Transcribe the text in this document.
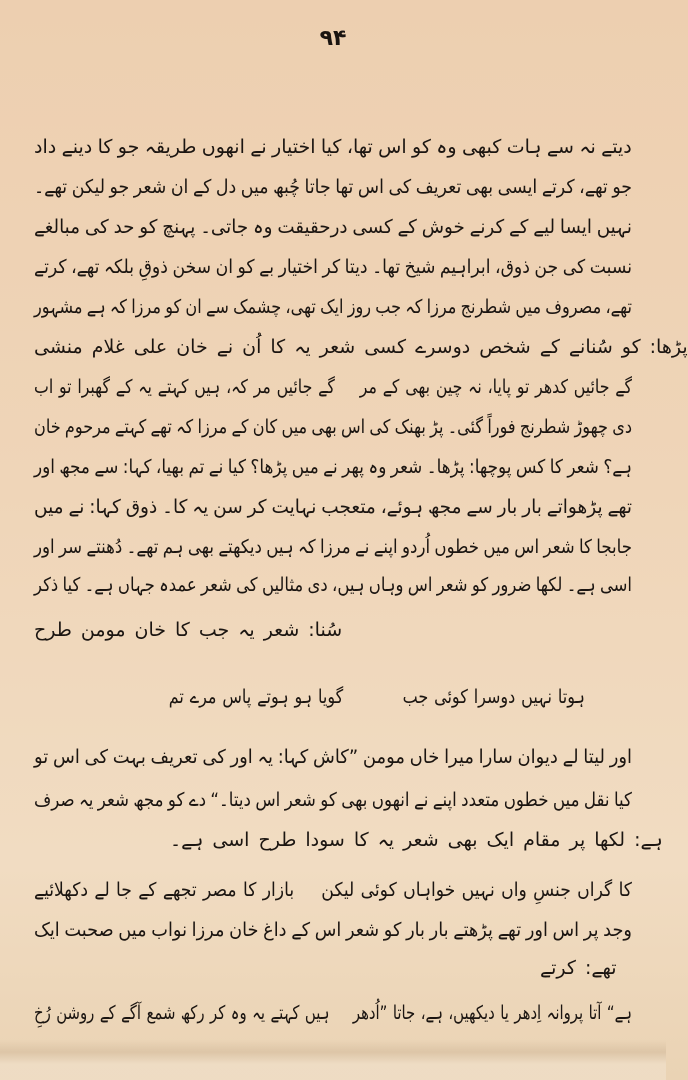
۹۴
داد دینے کا جو طریقہ انھوں نے اختیار کیا تھا، اس کو وہ کبھی ہات سے نہ دیتے
تھے۔ لیکن جو شعر ان کے دل میں چُبھ جاتا تھا اس کی تعریف بھی ایسی کرتے تھے، جو
مبالغے کی حد کو پہنچ جاتی۔ وہ درحقیقت کسی کے خوش کرنے کے لیے ایسا نہیں
کرتے تھے، بلکہ ذوقِ سخن ان کو بے اختیار کر دیتا تھا۔ شیخ ابراہیم ذوق، جن کی نسبت
مشہور ہے کہ مرزا کو ان سے چشمک تھی، ایک روز جب کہ مرزا شطرنج میں مصروف تھے،
منشی غلام علی خان نے اُن کا یہ شعر کسی دوسرے شخص کے سُنانے کو پڑھا:
اب تو گھبرا کے یہ کہتے ہیں کہ، مر جائیں گے مر کے بھی چین نہ پایا، تو کدھر جائیں گے
خان مرحوم کہتے تھے کہ مرزا کے کان میں بھی اس کی بھنک پڑ گئی۔ فوراً شطرنج چھوڑ دی
اور مجھ سے کہا: بھیا، تم نے کیا پڑھا؟ میں نے پھر وہ شعر پڑھا۔ پوچھا: کس کا شعر ہے؟
میں نے کہا: ذوق کا۔ یہ سن کر نہایت متعجب ہوئے، مجھ سے بار بار پڑھواتے تھے
اور سر دُھنتے تھے۔ ہم بھی دیکھتے ہیں کہ مرزا نے اپنے اُردو خطوں میں اس شعر کا جابجا
ذکر کیا ہے۔ جہاں عمدہ شعر کی مثالیں دی ہیں، وہاں اس شعر کو ضرور لکھا ہے۔ اسی
طرح مومن خان کا جب یہ شعر سُنا:
تم مرے پاس ہوتے ہو گویا	جب کوئی دوسرا نہیں ہوتا
تو اس کی بہت تعریف کی اور یہ کہا: ”کاش مومن خاں میرا سارا دیوان لے لیتا اور
صرف یہ شعر مجھ کو دے دیتا۔“ اس شعر کو بھی انھوں نے اپنے متعدد خطوں میں نقل کیا
ہے۔ اسی طرح سودا کا یہ شعر بھی ایک مقام پر لکھا ہے:
دکھلائیے لے جا کے تجھے مصر کا بازار لیکن کوئی خواہاں نہیں واں جنسِ گراں کا
ایک صحبت میں نواب مرزا خان داغ کے اس شعر کو بار بار پڑھتے تھے اور اس پر وجد
کرتے تھے:
رُخِ روشن کے آگے شمع رکھ کر وہ یہ کہتے ہیں ”اُدھر جاتا ہے، دیکھیں، یا اِدھر پروانہ آتا ہے“
